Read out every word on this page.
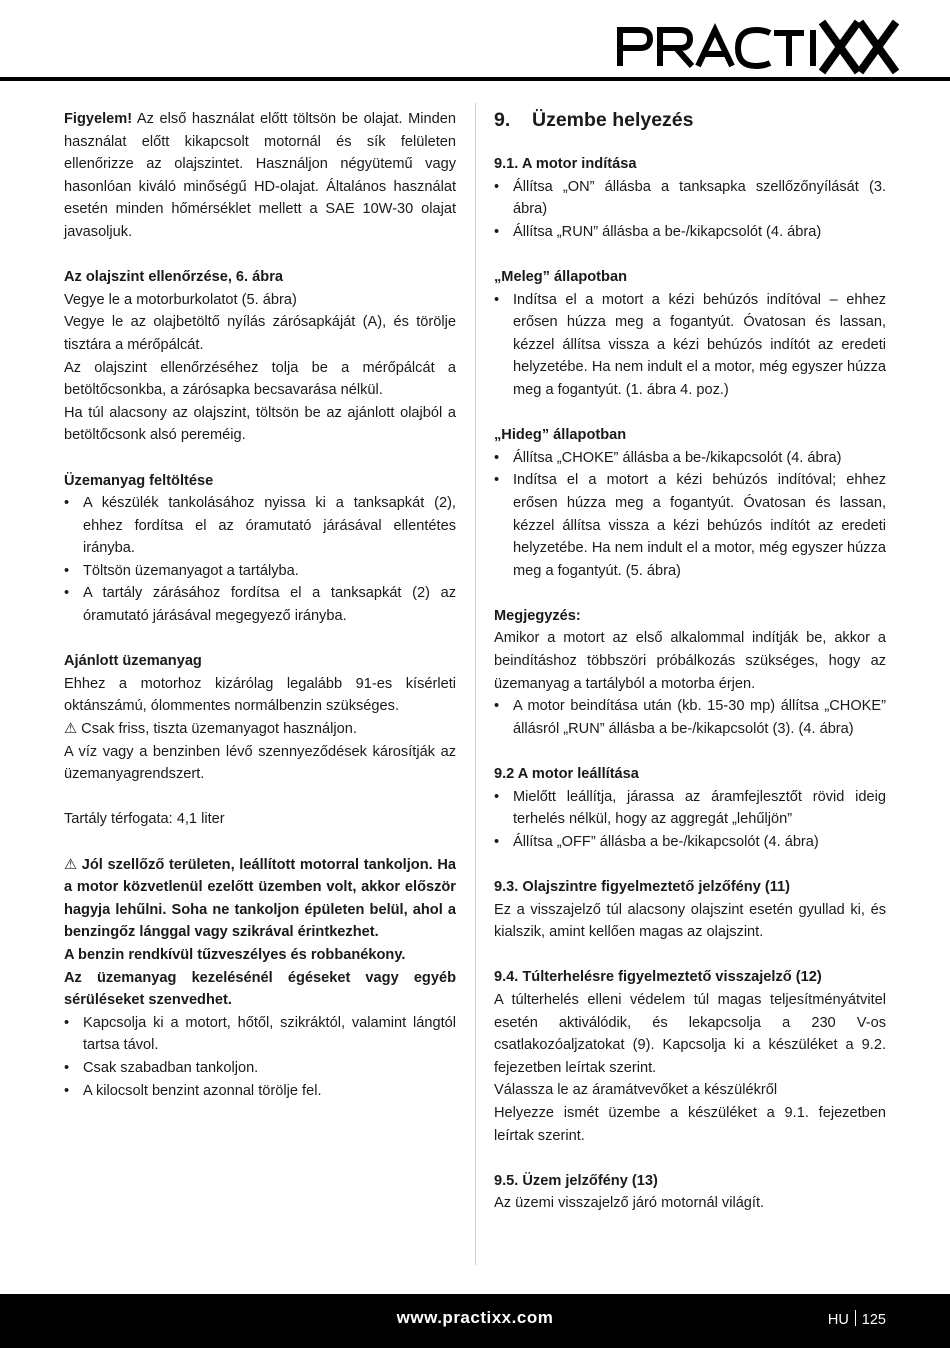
Figyelem! Az első használat előtt töltsön be olajat. Minden használat előtt kikapcsolt motornál és sík felületen ellenőrizze az olajszintet. Használjon négyütemű vagy hasonlóan kiváló minőségű HD-olajat. Általános használat esetén minden hőmérséklet mellett a SAE 10W-30 olajat javasoljuk.

Az olajszint ellenőrzése, 6. ábra

Vegye le a motorburkolatot (5. ábra)

Vegye le az olajbetöltő nyílás zárósapkáját (A), és törölje tisztára a mérőpálcát.

Az olajszint ellenőrzéséhez tolja be a mérőpálcát a betöltőcsonkba, a zárósapka becsavarása nélkül.

Ha túl alacsony az olajszint, töltsön be az ajánlott olajból a betöltőcsonk alsó pereméig.

Üzemanyag feltöltése

• A készülék tankolásához nyissa ki a tanksapkát (2), ehhez fordítsa el az óramutató járásával ellentétes irányba.
• Töltsön üzemanyagot a tartályba.
• A tartály zárásához fordítsa el a tanksapkát (2) az óramutató járásával megegyező irányba.

Ajánlott üzemanyag

Ehhez a motorhoz kizárólag legalább 91-es kísérleti oktánszámú, ólommentes normálbenzin szükséges.

⚠ Csak friss, tiszta üzemanyagot használjon.

A víz vagy a benzinben lévő szennyeződések károsítják az üzemanyagrendszert.

Tartály térfogata: 4,1 liter

⚠ Jól szellőző területen, leállított motorral tankoljon. Ha a motor közvetlenül ezelőtt üzemben volt, akkor először hagyja lehűlni. Soha ne tankoljon épületen belül, ahol a benzingőz lánggal vagy szikrával érintkezhet.

A benzin rendkívül tűzveszélyes és robbanékony.

Az üzemanyag kezelésénél égéseket vagy egyéb sérüléseket szenvedhet.

• Kapcsolja ki a motort, hőtől, szikráktól, valamint lángtól tartsa távol.
• Csak szabadban tankoljon.
• A kilocsolt benzint azonnal törölje fel.

9. Üzembe helyezés

9.1. A motor indítása

• Állítsa „ON” állásba a tanksapka szellőzőnyílását (3. ábra)
• Állítsa „RUN” állásba a be-/kikapcsolót (4. ábra)

„Meleg” állapotban

• Indítsa el a motort a kézi behúzós indítóval – ehhez erősen húzza meg a fogantyút. Óvatosan és lassan, kézzel állítsa vissza a kézi behúzós indítót az eredeti helyzetébe. Ha nem indult el a motor, még egyszer húzza meg a fogantyút. (1. ábra 4. poz.)

„Hideg” állapotban

• Állítsa „CHOKE” állásba a be-/kikapcsolót (4. ábra)
• Indítsa el a motort a kézi behúzós indítóval; ehhez erősen húzza meg a fogantyút. Óvatosan és lassan, kézzel állítsa vissza a kézi behúzós indítót az eredeti helyzetébe. Ha nem indult el a motor, még egyszer húzza meg a fogantyút. (5. ábra)

Megjegyzés:

Amikor a motort az első alkalommal indítják be, akkor a beindításhoz többszöri próbálkozás szükséges, hogy az üzemanyag a tartályból a motorba érjen.

• A motor beindítása után (kb. 15-30 mp) állítsa „CHOKE” állásról „RUN” állásba a be-/kikapcsolót (3). (4. ábra)

9.2 A motor leállítása

• Mielőtt leállítja, járassa az áramfejlesztőt rövid ideig terhelés nélkül, hogy az aggregát „lehűljön”
• Állítsa „OFF” állásba a be-/kikapcsolót (4. ábra)

9.3. Olajszintre figyelmeztető jelzőfény (11)

Ez a visszajelző túl alacsony olajszint esetén gyullad ki, és kialszik, amint kellően magas az olajszint.

9.4. Túlterhelésre figyelmeztető visszajelző (12)

A túlterhelés elleni védelem túl magas teljesítményátvitel esetén aktiválódik, és lekapcsolja a 230 V-os csatlakozóaljzatokat (9). Kapcsolja ki a készüléket a 9.2. fejezetben leírtak szerint.

Válassza le az áramátvevőket a készülékről

Helyezze ismét üzembe a készüléket a 9.1. fejezetben leírtak szerint.

9.5. Üzem jelzőfény (13)

Az üzemi visszajelző járó motornál világít.

www.practixx.com	HU 125
